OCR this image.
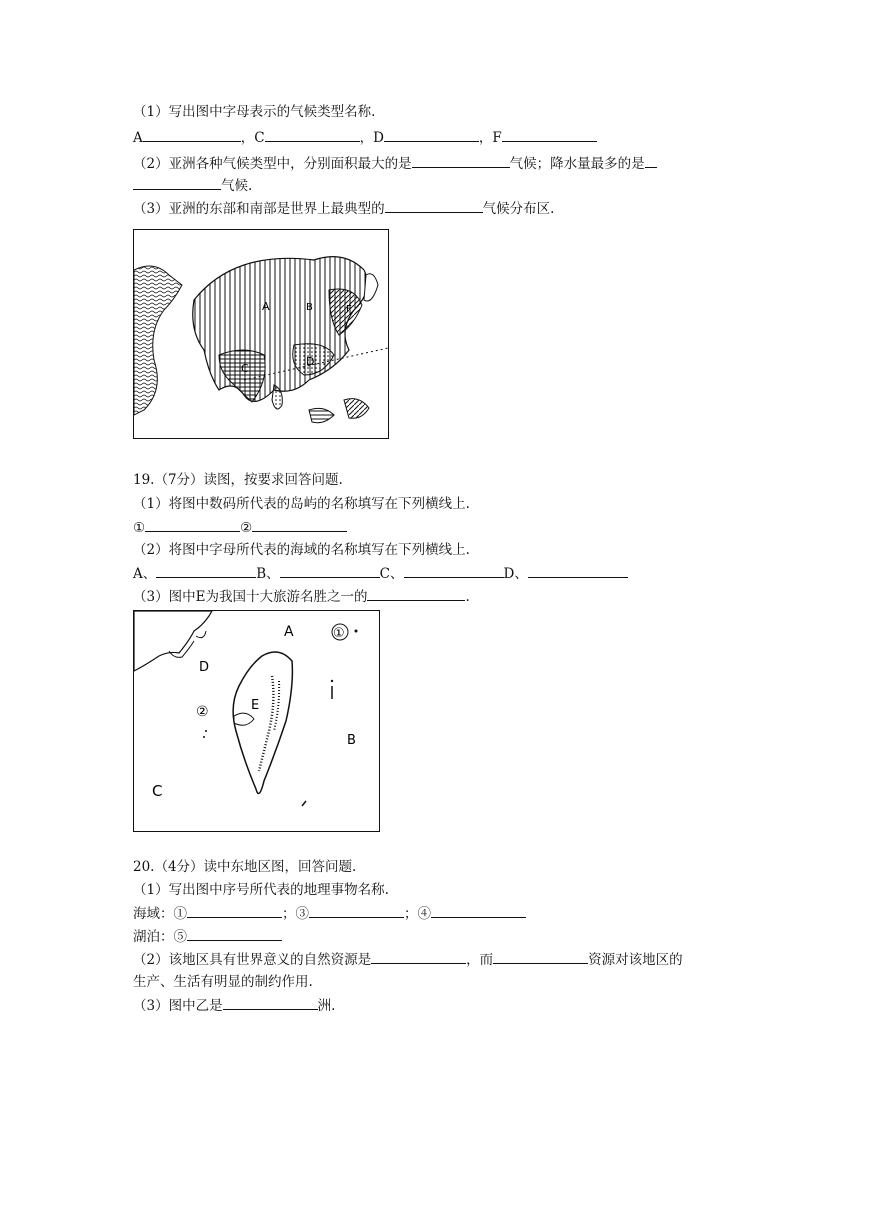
（1）写出图中字母表示的气候类型名称.
A	，C	，D	，F
（2）亚洲各种气候类型中，分别面积最大的是	气候；降水量最多的是
气候.
（3）亚洲的东部和南部是世界上最典型的	气候分布区.
A	F
D
C
B
19.（7分）读图，按要求回答问题.
（1）将图中数码所代表的岛屿的名称填写在下列横线上.
①	②
（2）将图中字母所代表的海域的名称填写在下列横线上.
A、	B、	C、	D、
（3）图中E为我国十大旅游名胜之一的	.
A	①
D
E
②
B
C
20.（4分）读中东地区图，回答问题.
（1）写出图中序号所代表的地理事物名称.
海域：①	；③	；④
湖泊：⑤
（2）该地区具有世界意义的自然资源是	，而	资源对该地区的
生产、生活有明显的制约作用.
（3）图中乙是	洲.
